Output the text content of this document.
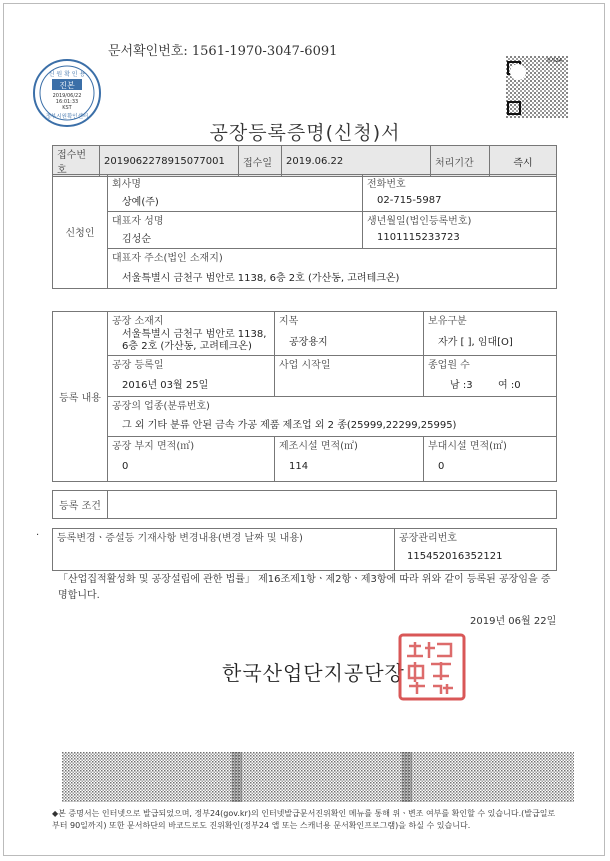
문서확인번호: 1561-1970-3047-6091
신 원 확 인 용
진본
2019/06/22
16:01:33
KST
정부시원확인센터
정부24
공장등록증명(신청)서
접수번호	2019062278915077001	접수일	2019.06.22	처리기간	즉시
신청인	회사명	전화번호
	상예(주)	02-715-5987
	대표자 성명	생년월일(법인등록번호)
	김성순	1101115233723
	대표자 주소(법인 소재지)	
	서울특별시 금천구 범안로 1138, 6층 2호 (가산동, 고려테크온)	
등록 내용	공장 소재지	지목	보유구분

	서울특별시 금천구 범안로 1138,
6층 2호 (가산동, 고려테크온)	공장용지	자가 [ ], 임대[O]
	공장 등록일	사업 시작일	종업원 수
	2016년 03월 25일		남 :3 여 :0
	공장의 업종(분류번호)		
	그 외 기타 분류 안된 금속 가공 제품 제조업 외 2 종(25999,22299,25995)		
	공장 부지 면적(㎡)	제조시설 면적(㎡)	부대시설 면적(㎡)
	0	114	0
등록 조건	
· 등록변경ㆍ증설등 기재사항 변경내용(변경 날짜 및 내용)	공장관리번호
	115452016352121
「산업집적활성화 및 공장설립에 관한 법률」 제16조제1항ㆍ제2항ㆍ제3항에 따라 위와 같이 등록된 공장임을 증명합니다.
2019년 06월 22일
한국산업단지공단장
◆본 증명서는 인터넷으로 발급되었으며, 정부24(gov.kr)의 인터넷발급문서진위확인 메뉴를 통해 위ㆍ변조 여부를 확인할 수 있습니다.(발급일로부터 90일까지) 또한 문서하단의 바코드로도 진위확인(정부24 앱 또는 스캐너용 문서확인프로그램)을 하실 수 있습니다.
